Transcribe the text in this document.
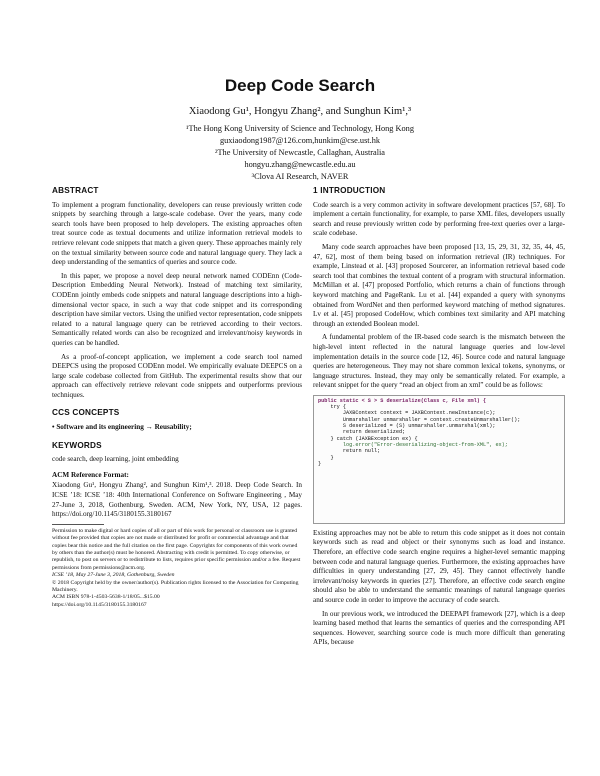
Deep Code Search
Xiaodong Gu¹, Hongyu Zhang², and Sunghun Kim¹,³
¹The Hong Kong University of Science and Technology, Hong Kong
guxiaodong1987@126.com,hunkim@cse.ust.hk
²The University of Newcastle, Callaghan, Australia
hongyu.zhang@newcastle.edu.au
³Clova AI Research, NAVER
ABSTRACT

To implement a program functionality, developers can reuse previously written code snippets by searching through a large-scale codebase. Over the years, many code search tools have been proposed to help developers. The existing approaches often treat source code as textual documents and utilize information retrieval models to retrieve relevant code snippets that match a given query. These approaches mainly rely on the textual similarity between source code and natural language query. They lack a deep understanding of the semantics of queries and source code.

In this paper, we propose a novel deep neural network named CODEnn (Code-Description Embedding Neural Network). Instead of matching text similarity, CODEnn jointly embeds code snippets and natural language descriptions into a high-dimensional vector space, in such a way that code snippet and its corresponding description have similar vectors. Using the unified vector representation, code snippets related to a natural language query can be retrieved according to their vectors. Semantically related words can also be recognized and irrelevant/noisy keywords in queries can be handled.

As a proof-of-concept application, we implement a code search tool named DEEPCS using the proposed CODEnn model. We empirically evaluate DEEPCS on a large scale codebase collected from GitHub. The experimental results show that our approach can effectively retrieve relevant code snippets and outperforms previous techniques.

CCS CONCEPTS

• Software and its engineering → Reusability;

KEYWORDS

code search, deep learning, joint embedding

ACM Reference Format:

Xiaodong Gu¹, Hongyu Zhang², and Sunghun Kim¹,³. 2018. Deep Code Search. In ICSE ’18: ICSE ’18: 40th International Conference on Software Engineering , May 27-June 3, 2018, Gothenburg, Sweden. ACM, New York, NY, USA, 12 pages. https://doi.org/10.1145/3180155.3180167

Permission to make digital or hard copies of all or part of this work for personal or classroom use is granted without fee provided that copies are not made or distributed for profit or commercial advantage and that copies bear this notice and the full citation on the first page. Copyrights for components of this work owned by others than the author(s) must be honored. Abstracting with credit is permitted. To copy otherwise, or republish, to post on servers or to redistribute to lists, requires prior specific permission and/or a fee. Request permissions from permissions@acm.org.
ICSE ’18, May 27-June 3, 2018, Gothenburg, Sweden
© 2018 Copyright held by the owner/author(s). Publication rights licensed to the Association for Computing Machinery.
ACM ISBN 978-1-4503-5638-1/18/05...$15.00
https://doi.org/10.1145/3180155.3180167
1 INTRODUCTION

Code search is a very common activity in software development practices [57, 68]. To implement a certain functionality, for example, to parse XML files, developers usually search and reuse previously written code by performing free-text queries over a large-scale codebase.

Many code search approaches have been proposed [13, 15, 29, 31, 32, 35, 44, 45, 47, 62], most of them being based on information retrieval (IR) techniques. For example, Linstead et al. [43] proposed Sourcerer, an information retrieval based code search tool that combines the textual content of a program with structural information. McMillan et al. [47] proposed Portfolio, which returns a chain of functions through keyword matching and PageRank. Lu et al. [44] expanded a query with synonyms obtained from WordNet and then performed keyword matching of method signatures. Lv et al. [45] proposed CodeHow, which combines text similarity and API matching through an extended Boolean model.

A fundamental problem of the IR-based code search is the mismatch between the high-level intent reflected in the natural language queries and low-level implementation details in the source code [12, 46]. Source code and natural language queries are heterogeneous. They may not share common lexical tokens, synonyms, or language structures. Instead, they may only be semantically related. For example, a relevant snippet for the query “read an object from an xml” could be as follows:

public static < S > S deserialize(Class c, File xml) {
try {
JAXBContext context = JAXBContext.newInstance(c);
Unmarshaller unmarshaller = context.createUnmarshaller();
S deserialized = (S) unmarshaller.unmarshal(xml);
return deserialized;
} catch (JAXBException ex) {
log.error("Error-deserializing-object-from-XML", ex);
return null;
}
}

Existing approaches may not be able to return this code snippet as it does not contain keywords such as read and object or their synonyms such as load and instance. Therefore, an effective code search engine requires a higher-level semantic mapping between code and natural language queries. Furthermore, the existing approaches have difficulties in query understanding [27, 29, 45]. They cannot effectively handle irrelevant/noisy keywords in queries [27]. Therefore, an effective code search engine should also be able to understand the semantic meanings of natural language queries and source code in order to improve the accuracy of code search.

In our previous work, we introduced the DEEPAPI framework [27], which is a deep learning based method that learns the semantics of queries and the corresponding API sequences. However, searching source code is much more difficult than generating APIs, because
